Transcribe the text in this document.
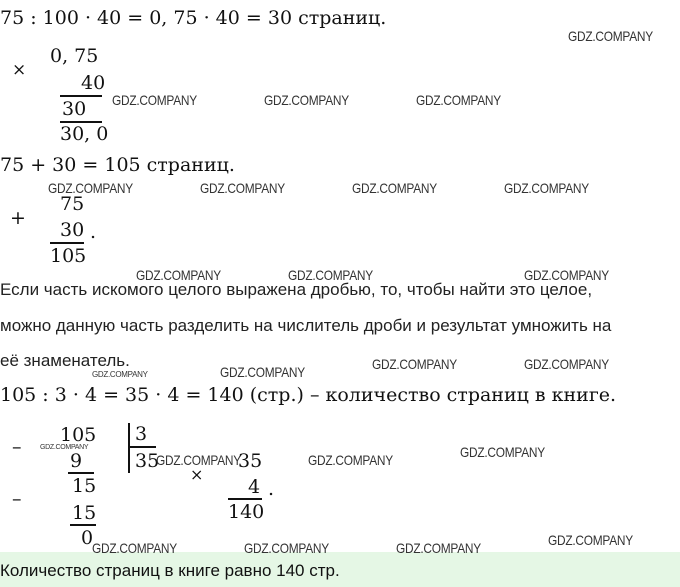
75 : 100 · 40 = 0, 75 · 40 = 30 страниц.
×
0, 75
40
30
30, 0
75 + 30 = 105 страниц.
+
75
30
105
.
Если часть искомого целого выражена дробью, то, чтобы найти это целое,
можно данную часть разделить на числитель дроби и результат умножить на
её знаменатель.
105 : 3 · 4 = 35 · 4 = 140 (стр.) – количество страниц в книге.
–
105
9
15
–
15
0
3
35
×
35
4
140
.
Количество страниц в книге равно 140 стр.
GDZ.COMPANY
GDZ.COMPANY	GDZ.COMPANY	GDZ.COMPANY
GDZ.COMPANY	GDZ.COMPANY	GDZ.COMPANY	GDZ.COMPANY
GDZ.COMPANY	GDZ.COMPANY	GDZ.COMPANY
GDZ.COMPANY	GDZ.COMPANY	GDZ.COMPANY
GDZ.COMPANY
GDZ.COMPANY
GDZ.COMPANY	GDZ.COMPANY	GDZ.COMPANY
GDZ.COMPANY	GDZ.COMPANY	GDZ.COMPANY	GDZ.COMPANY
